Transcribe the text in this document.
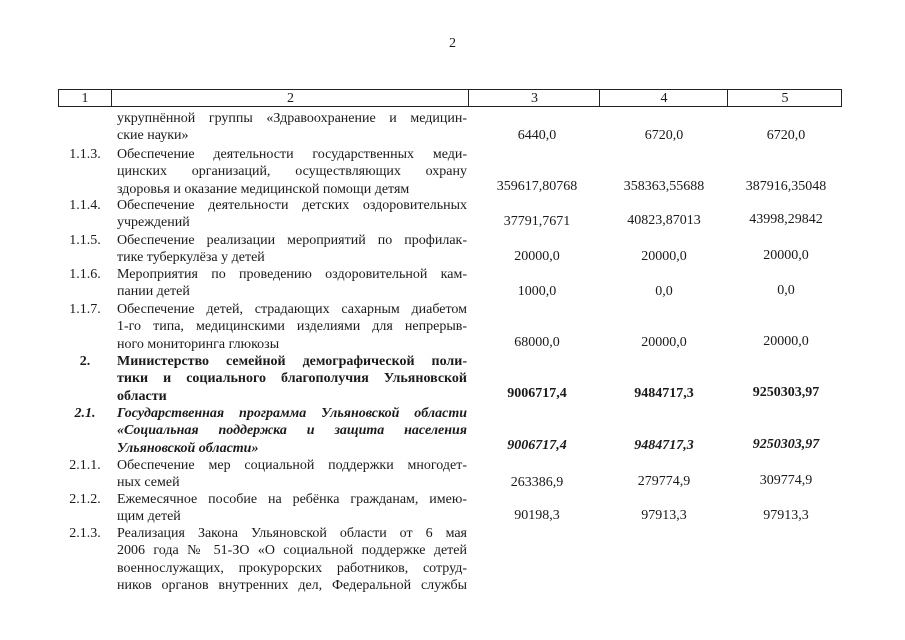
2
1	2	3	4	5
укрупнённой группы «Здравоохранение и медицин-
ские науки»	6440,0	6720,0	6720,0
1.1.3.	Обеспечение деятельности государственных меди-
цинских организаций, осуществляющих охрану
здоровья и оказание медицинской помощи детям	359617,80768	358363,55688	387916,35048
1.1.4.	Обеспечение деятельности детских оздоровительных
учреждений	37791,7671	40823,87013	43998,29842
1.1.5.	Обеспечение реализации мероприятий по профилак-
тике туберкулёза у детей	20000,0	20000,0	20000,0
1.1.6.	Мероприятия по проведению оздоровительной кам-
пании детей	1000,0	0,0	0,0
1.1.7.	Обеспечение детей, страдающих сахарным диабетом
1-го типа, медицинскими изделиями для непрерыв-
ного мониторинга глюкозы	68000,0	20000,0	20000,0
2.	Министерство семейной демографической поли-
тики и социального благополучия Ульяновской
области	9006717,4	9484717,3	9250303,97
2.1.	Государственная программа Ульяновской области
«Социальная поддержка и защита населения
Ульяновской области»	9006717,4	9484717,3	9250303,97
2.1.1.	Обеспечение мер социальной поддержки многодет-
ных семей	263386,9	279774,9	309774,9
2.1.2.	Ежемесячное пособие на ребёнка гражданам, имею-
щим детей	90198,3	97913,3	97913,3
2.1.3.	Реализация Закона Ульяновской области от 6 мая
2006 года № 51-ЗО «О социальной поддержке детей
военнослужащих, прокурорских работников, сотруд-
ников органов внутренних дел, Федеральной службы
